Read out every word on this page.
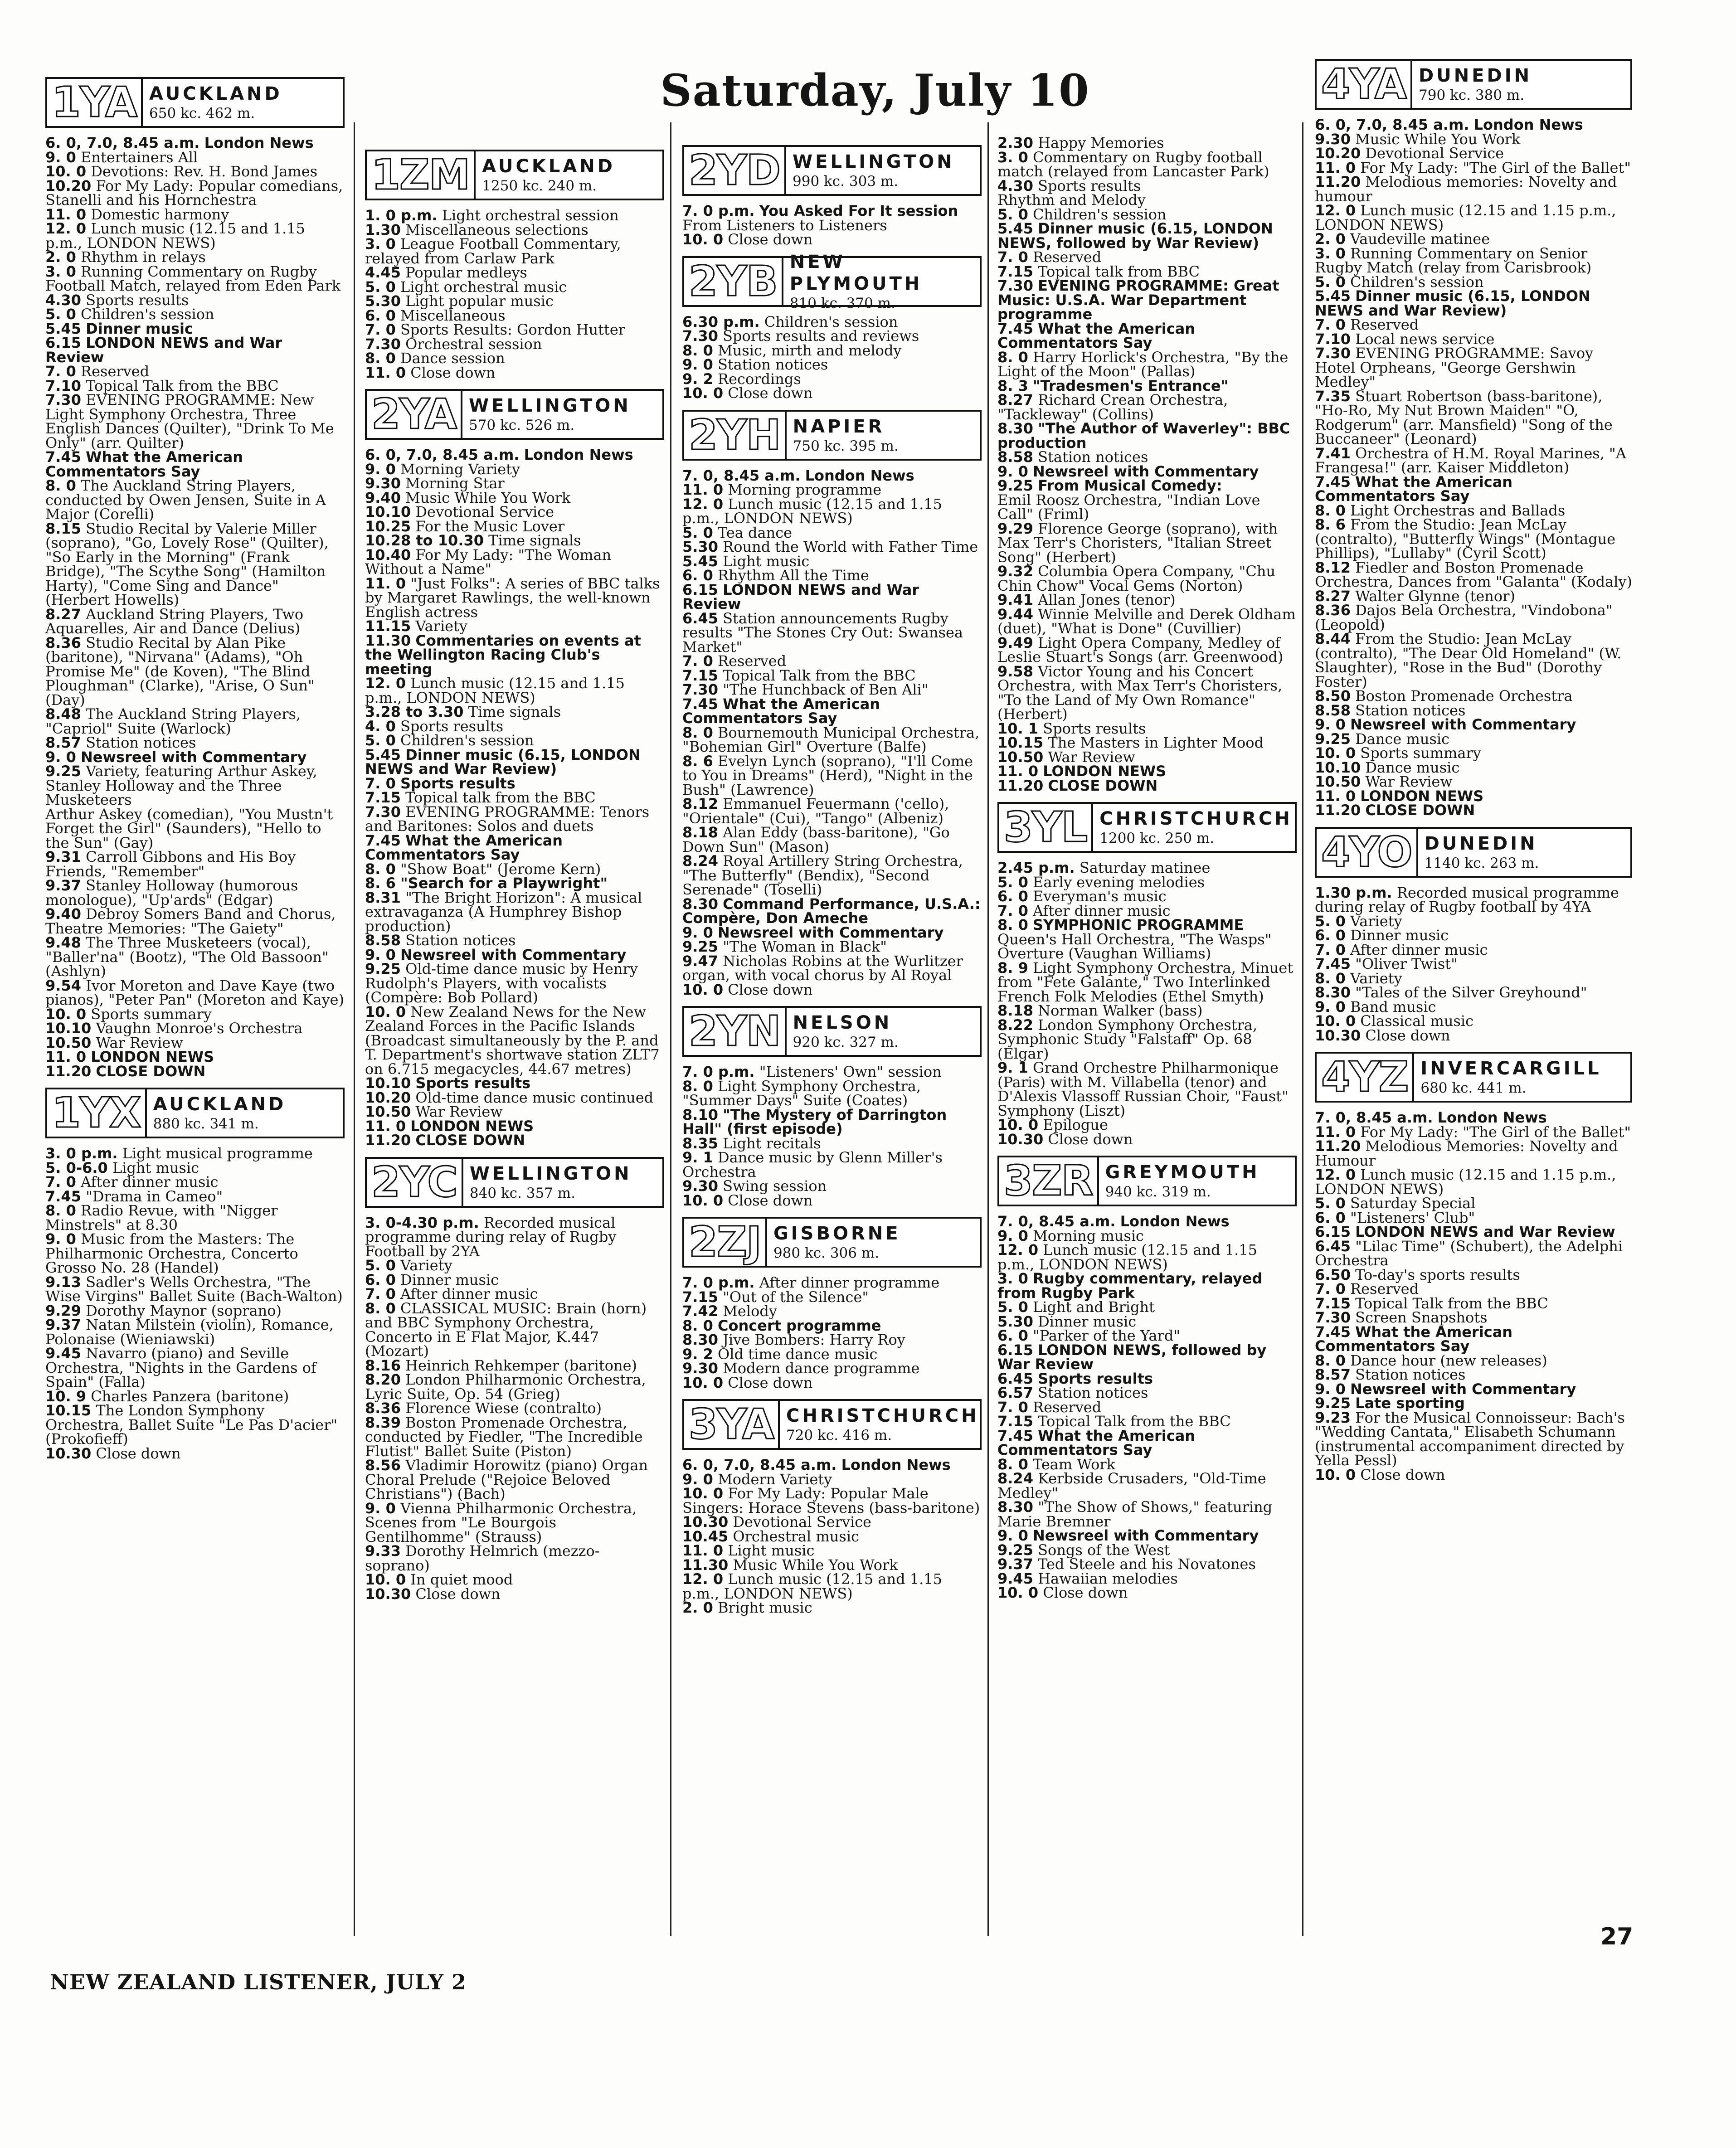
Saturday, July 10
1YA AUCKLAND
650 kc. 462 m.

6. 0, 7.0, 8.45 a.m. London News

9. 0 Entertainers All

10. 0 Devotions: Rev. H. Bond James

10.20 For My Lady: Popular comedians, Stanelli and his Hornchestra

11. 0 Domestic harmony

12. 0 Lunch music (12.15 and 1.15 p.m., LONDON NEWS)

2. 0 Rhythm in relays

3. 0 Running Commentary on Rugby Football Match, relayed from Eden Park

4.30 Sports results

5. 0 Children's session

5.45 Dinner music

6.15 LONDON NEWS and War Review

7. 0 Reserved

7.10 Topical Talk from the BBC

7.30 EVENING PROGRAMME: New Light Symphony Orchestra, Three English Dances (Quilter), "Drink To Me Only" (arr. Quilter)

7.45 What the American Commentators Say

8. 0 The Auckland String Players, conducted by Owen Jensen, Suite in A Major (Corelli)

8.15 Studio Recital by Valerie Miller (soprano), "Go, Lovely Rose" (Quilter), "So Early in the Morning" (Frank Bridge), "The Scythe Song" (Hamilton Harty), "Come Sing and Dance" (Herbert Howells)

8.27 Auckland String Players, Two Aquarelles, Air and Dance (Delius)

8.36 Studio Recital by Alan Pike (baritone), "Nirvana" (Adams), "Oh Promise Me" (de Koven), "The Blind Ploughman" (Clarke), "Arise, O Sun" (Day)

8.48 The Auckland String Players, "Capriol" Suite (Warlock)

8.57 Station notices

9. 0 Newsreel with Commentary

9.25 Variety, featuring Arthur Askey, Stanley Holloway and the Three Musketeers

Arthur Askey (comedian), "You Mustn't Forget the Girl" (Saunders), "Hello to the Sun" (Gay)

9.31 Carroll Gibbons and His Boy Friends, "Remember"

9.37 Stanley Holloway (humorous monologue), "Up'ards" (Edgar)

9.40 Debroy Somers Band and Chorus, Theatre Memories: "The Gaiety"

9.48 The Three Musketeers (vocal), "Baller'na" (Bootz), "The Old Bassoon" (Ashlyn)

9.54 Ivor Moreton and Dave Kaye (two pianos), "Peter Pan" (Moreton and Kaye)

10. 0 Sports summary

10.10 Vaughn Monroe's Orchestra

10.50 War Review

11. 0 LONDON NEWS

11.20 CLOSE DOWN

1YX AUCKLAND
880 kc. 341 m.

3. 0 p.m. Light musical programme

5. 0-6.0 Light music

7. 0 After dinner music

7.45 "Drama in Cameo"

8. 0 Radio Revue, with "Nigger Minstrels" at 8.30

9. 0 Music from the Masters: The Philharmonic Orchestra, Concerto Grosso No. 28 (Handel)

9.13 Sadler's Wells Orchestra, "The Wise Virgins" Ballet Suite (Bach-Walton)

9.29 Dorothy Maynor (soprano)

9.37 Natan Milstein (violin), Romance, Polonaise (Wieniawski)

9.45 Navarro (piano) and Seville Orchestra, "Nights in the Gardens of Spain" (Falla)

10. 9 Charles Panzera (baritone)

10.15 The London Symphony Orchestra, Ballet Suite "Le Pas D'acier" (Prokofieff)

10.30 Close down

1ZM AUCKLAND
1250 kc. 240 m.

1. 0 p.m. Light orchestral session

1.30 Miscellaneous selections

3. 0 League Football Commentary, relayed from Carlaw Park

4.45 Popular medleys

5. 0 Light orchestral music

5.30 Light popular music

6. 0 Miscellaneous

7. 0 Sports Results: Gordon Hutter

7.30 Orchestral session

8. 0 Dance session

11. 0 Close down

2YA WELLINGTON
570 kc. 526 m.

6. 0, 7.0, 8.45 a.m. London News

9. 0 Morning Variety

9.30 Morning Star

9.40 Music While You Work

10.10 Devotional Service

10.25 For the Music Lover

10.28 to 10.30 Time signals

10.40 For My Lady: "The Woman Without a Name"

11. 0 "Just Folks": A series of BBC talks by Margaret Rawlings, the well-known English actress

11.15 Variety

11.30 Commentaries on events at the Wellington Racing Club's meeting

12. 0 Lunch music (12.15 and 1.15 p.m., LONDON NEWS)

3.28 to 3.30 Time signals

4. 0 Sports results

5. 0 Children's session

5.45 Dinner music (6.15, LONDON NEWS and War Review)

7. 0 Sports results

7.15 Topical talk from the BBC

7.30 EVENING PROGRAMME: Tenors and Baritones: Solos and duets

7.45 What the American Commentators Say

8. 0 "Show Boat" (Jerome Kern)

8. 6 "Search for a Playwright"

8.31 "The Bright Horizon": A musical extravaganza (A Humphrey Bishop production)

8.58 Station notices

9. 0 Newsreel with Commentary

9.25 Old-time dance music by Henry Rudolph's Players, with vocalists (Compère: Bob Pollard)

10. 0 New Zealand News for the New Zealand Forces in the Pacific Islands (Broadcast simultaneously by the P. and T. Department's shortwave station ZLT7 on 6.715 megacycles, 44.67 metres)

10.10 Sports results

10.20 Old-time dance music continued

10.50 War Review

11. 0 LONDON NEWS

11.20 CLOSE DOWN

2YC WELLINGTON
840 kc. 357 m.

3. 0-4.30 p.m. Recorded musical programme during relay of Rugby Football by 2YA

5. 0 Variety

6. 0 Dinner music

7. 0 After dinner music

8. 0 CLASSICAL MUSIC: Brain (horn) and BBC Symphony Orchestra, Concerto in E Flat Major, K.447 (Mozart)

8.16 Heinrich Rehkemper (baritone)

8.20 London Philharmonic Orchestra, Lyric Suite, Op. 54 (Grieg)

8.36 Florence Wiese (contralto)

8.39 Boston Promenade Orchestra, conducted by Fiedler, "The Incredible Flutist" Ballet Suite (Piston)

8.56 Vladimir Horowitz (piano) Organ Choral Prelude ("Rejoice Beloved Christians") (Bach)

9. 0 Vienna Philharmonic Orchestra, Scenes from "Le Bourgois Gentilhomme" (Strauss)

9.33 Dorothy Helmrich (mezzo-soprano)

10. 0 In quiet mood

10.30 Close down

2YD WELLINGTON
990 kc. 303 m.

7. 0 p.m. You Asked For It session

From Listeners to Listeners

10. 0 Close down

2YB NEW PLYMOUTH
810 kc. 370 m.

6.30 p.m. Children's session

7.30 Sports results and reviews

8. 0 Music, mirth and melody

9. 0 Station notices

9. 2 Recordings

10. 0 Close down

2YH NAPIER
750 kc. 395 m.

7. 0, 8.45 a.m. London News

11. 0 Morning programme

12. 0 Lunch music (12.15 and 1.15 p.m., LONDON NEWS)

5. 0 Tea dance

5.30 Round the World with Father Time

5.45 Light music

6. 0 Rhythm All the Time

6.15 LONDON NEWS and War Review

6.45 Station announcements Rugby results "The Stones Cry Out: Swansea Market"

7. 0 Reserved

7.15 Topical Talk from the BBC

7.30 "The Hunchback of Ben Ali"

7.45 What the American Commentators Say

8. 0 Bournemouth Municipal Orchestra, "Bohemian Girl" Overture (Balfe)

8. 6 Evelyn Lynch (soprano), "I'll Come to You in Dreams" (Herd), "Night in the Bush" (Lawrence)

8.12 Emmanuel Feuermann ('cello), "Orientale" (Cui), "Tango" (Albeniz)

8.18 Alan Eddy (bass-baritone), "Go Down Sun" (Mason)

8.24 Royal Artillery String Orchestra, "The Butterfly" (Bendix), "Second Serenade" (Toselli)

8.30 Command Performance, U.S.A.: Compère, Don Ameche

9. 0 Newsreel with Commentary

9.25 "The Woman in Black"

9.47 Nicholas Robins at the Wurlitzer organ, with vocal chorus by Al Royal

10. 0 Close down

2YN NELSON
920 kc. 327 m.

7. 0 p.m. "Listeners' Own" session

8. 0 Light Symphony Orchestra, "Summer Days" Suite (Coates)

8.10 "The Mystery of Darrington Hall" (first episode)

8.35 Light recitals

9. 1 Dance music by Glenn Miller's Orchestra

9.30 Swing session

10. 0 Close down

2ZJ GISBORNE
980 kc. 306 m.

7. 0 p.m. After dinner programme

7.15 "Out of the Silence"

7.42 Melody

8. 0 Concert programme

8.30 Jive Bombers: Harry Roy

9. 2 Old time dance music

9.30 Modern dance programme

10. 0 Close down

3YA CHRISTCHURCH
720 kc. 416 m.

6. 0, 7.0, 8.45 a.m. London News

9. 0 Modern Variety

10. 0 For My Lady: Popular Male Singers: Horace Stevens (bass-baritone)

10.30 Devotional Service

10.45 Orchestral music

11. 0 Light music

11.30 Music While You Work

12. 0 Lunch music (12.15 and 1.15 p.m., LONDON NEWS)

2. 0 Bright music

2.30 Happy Memories

3. 0 Commentary on Rugby football match (relayed from Lancaster Park)

4.30 Sports results

Rhythm and Melody

5. 0 Children's session

5.45 Dinner music (6.15, LONDON NEWS, followed by War Review)

7. 0 Reserved

7.15 Topical talk from BBC

7.30 EVENING PROGRAMME: Great Music: U.S.A. War Department programme

7.45 What the American Commentators Say

8. 0 Harry Horlick's Orchestra, "By the Light of the Moon" (Pallas)

8. 3 "Tradesmen's Entrance"

8.27 Richard Crean Orchestra, "Tackleway" (Collins)

8.30 "The Author of Waverley": BBC production

8.58 Station notices

9. 0 Newsreel with Commentary

9.25 From Musical Comedy:

Emil Roosz Orchestra, "Indian Love Call" (Friml)

9.29 Florence George (soprano), with Max Terr's Choristers, "Italian Street Song" (Herbert)

9.32 Columbia Opera Company, "Chu Chin Chow" Vocal Gems (Norton)

9.41 Allan Jones (tenor)

9.44 Winnie Melville and Derek Oldham (duet), "What is Done" (Cuvillier)

9.49 Light Opera Company, Medley of Leslie Stuart's Songs (arr. Greenwood)

9.58 Victor Young and his Concert Orchestra, with Max Terr's Choristers, "To the Land of My Own Romance" (Herbert)

10. 1 Sports results

10.15 The Masters in Lighter Mood

10.50 War Review

11. 0 LONDON NEWS

11.20 CLOSE DOWN

3YL CHRISTCHURCH
1200 kc. 250 m.

2.45 p.m. Saturday matinee

5. 0 Early evening melodies

6. 0 Everyman's music

7. 0 After dinner music

8. 0 SYMPHONIC PROGRAMME

Queen's Hall Orchestra, "The Wasps" Overture (Vaughan Williams)

8. 9 Light Symphony Orchestra, Minuet from "Fete Galante," Two Interlinked French Folk Melodies (Ethel Smyth)

8.18 Norman Walker (bass)

8.22 London Symphony Orchestra, Symphonic Study "Falstaff" Op. 68 (Elgar)

9. 1 Grand Orchestre Philharmonique (Paris) with M. Villabella (tenor) and D'Alexis Vlassoff Russian Choir, "Faust" Symphony (Liszt)

10. 0 Epilogue

10.30 Close down

3ZR GREYMOUTH
940 kc. 319 m.

7. 0, 8.45 a.m. London News

9. 0 Morning music

12. 0 Lunch music (12.15 and 1.15 p.m., LONDON NEWS)

3. 0 Rugby commentary, relayed from Rugby Park

5. 0 Light and Bright

5.30 Dinner music

6. 0 "Parker of the Yard"

6.15 LONDON NEWS, followed by War Review

6.45 Sports results

6.57 Station notices

7. 0 Reserved

7.15 Topical Talk from the BBC

7.45 What the American Commentators Say

8. 0 Team Work

8.24 Kerbside Crusaders, "Old-Time Medley"

8.30 "The Show of Shows," featuring Marie Bremner

9. 0 Newsreel with Commentary

9.25 Songs of the West

9.37 Ted Steele and his Novatones

9.45 Hawaiian melodies

10. 0 Close down

4YA DUNEDIN
790 kc. 380 m.

6. 0, 7.0, 8.45 a.m. London News

9.30 Music While You Work

10.20 Devotional Service

11. 0 For My Lady: "The Girl of the Ballet"

11.20 Melodious memories: Novelty and humour

12. 0 Lunch music (12.15 and 1.15 p.m., LONDON NEWS)

2. 0 Vaudeville matinee

3. 0 Running Commentary on Senior Rugby Match (relay from Carisbrook)

5. 0 Children's session

5.45 Dinner music (6.15, LONDON NEWS and War Review)

7. 0 Reserved

7.10 Local news service

7.30 EVENING PROGRAMME: Savoy Hotel Orpheans, "George Gershwin Medley"

7.35 Stuart Robertson (bass-baritone), "Ho-Ro, My Nut Brown Maiden" "O, Rodgerum" (arr. Mansfield) "Song of the Buccaneer" (Leonard)

7.41 Orchestra of H.M. Royal Marines, "A Frangesa!" (arr. Kaiser Middleton)

7.45 What the American Commentators Say

8. 0 Light Orchestras and Ballads

8. 6 From the Studio: Jean McLay (contralto), "Butterfly Wings" (Montague Phillips), "Lullaby" (Cyril Scott)

8.12 Fiedler and Boston Promenade Orchestra, Dances from "Galanta" (Kodaly)

8.27 Walter Glynne (tenor)

8.36 Dajos Bela Orchestra, "Vindobona" (Leopold)

8.44 From the Studio: Jean McLay (contralto), "The Dear Old Homeland" (W. Slaughter), "Rose in the Bud" (Dorothy Foster)

8.50 Boston Promenade Orchestra

8.58 Station notices

9. 0 Newsreel with Commentary

9.25 Dance music

10. 0 Sports summary

10.10 Dance music

10.50 War Review

11. 0 LONDON NEWS

11.20 CLOSE DOWN

4YO DUNEDIN
1140 kc. 263 m.

1.30 p.m. Recorded musical programme during relay of Rugby football by 4YA

5. 0 Variety

6. 0 Dinner music

7. 0 After dinner music

7.45 "Oliver Twist"

8. 0 Variety

8.30 "Tales of the Silver Greyhound"

9. 0 Band music

10. 0 Classical music

10.30 Close down

4YZ INVERCARGILL
680 kc. 441 m.

7. 0, 8.45 a.m. London News

11. 0 For My Lady: "The Girl of the Ballet"

11.20 Melodious Memories: Novelty and Humour

12. 0 Lunch music (12.15 and 1.15 p.m., LONDON NEWS)

5. 0 Saturday Special

6. 0 "Listeners' Club"

6.15 LONDON NEWS and War Review

6.45 "Lilac Time" (Schubert), the Adelphi Orchestra

6.50 To-day's sports results

7. 0 Reserved

7.15 Topical Talk from the BBC

7.30 Screen Snapshots

7.45 What the American Commentators Say

8. 0 Dance hour (new releases)

8.57 Station notices

9. 0 Newsreel with Commentary

9.25 Late sporting

9.23 For the Musical Connoisseur: Bach's "Wedding Cantata," Elisabeth Schumann (instrumental accompaniment directed by Yella Pessl)

10. 0 Close down

NEW ZEALAND LISTENER, JULY 2
27
